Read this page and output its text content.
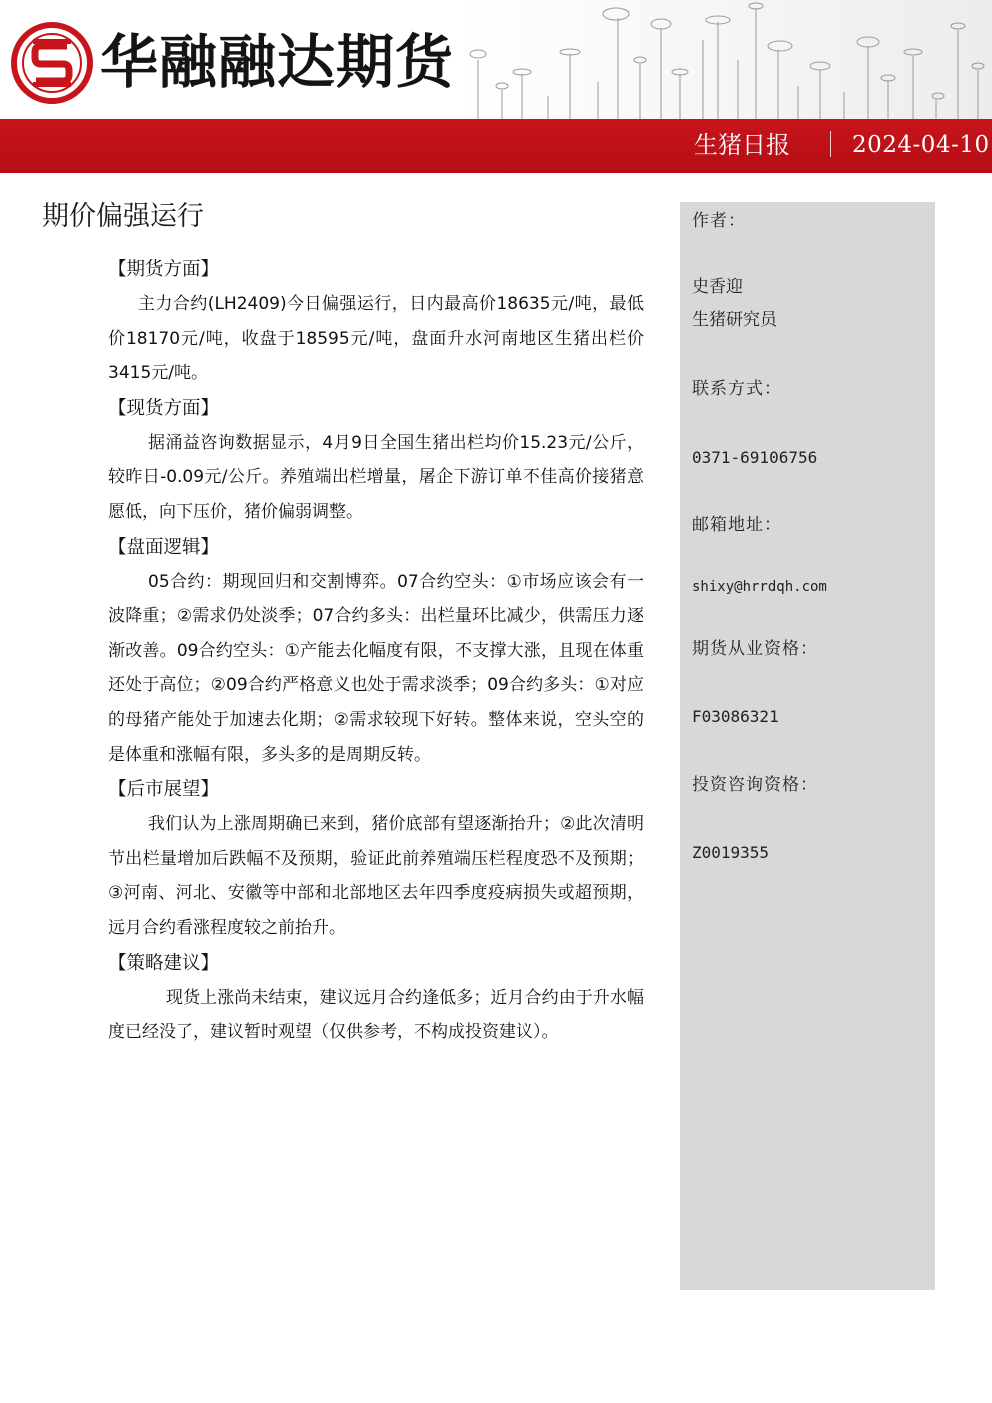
华融融达期货
生猪日报	2024-04-10
期价偏强运行
【期货方面】

主力合约(LH2409)今日偏强运行，日内最高价18635元/吨，最低价18170元/吨，收盘于18595元/吨，盘面升水河南地区生猪出栏价3415元/吨。

【现货方面】

据涌益咨询数据显示，4月9日全国生猪出栏均价15.23元/公斤，较昨日-0.09元/公斤。养殖端出栏增量，屠企下游订单不佳高价接猪意愿低，向下压价，猪价偏弱调整。

【盘面逻辑】

05合约：期现回归和交割博弈。07合约空头：①市场应该会有一波降重；②需求仍处淡季；07合约多头：出栏量环比减少，供需压力逐渐改善。09合约空头：①产能去化幅度有限，不支撑大涨，且现在体重还处于高位；②09合约严格意义也处于需求淡季；09合约多头：①对应的母猪产能处于加速去化期；②需求较现下好转。整体来说，空头空的是体重和涨幅有限，多头多的是周期反转。

【后市展望】

我们认为上涨周期确已来到，猪价底部有望逐渐抬升；②此次清明节出栏量增加后跌幅不及预期，验证此前养殖端压栏程度恐不及预期；③河南、河北、安徽等中部和北部地区去年四季度疫病损失或超预期，远月合约看涨程度较之前抬升。

【策略建议】

现货上涨尚未结束，建议远月合约逢低多；近月合约由于升水幅度已经没了，建议暂时观望（仅供参考，不构成投资建议）。

作者：
史香迎
生猪研究员
联系方式：
0371-69106756
邮箱地址：
shixy@hrrdqh.com
期货从业资格：
F03086321
投资咨询资格：
Z0019355
